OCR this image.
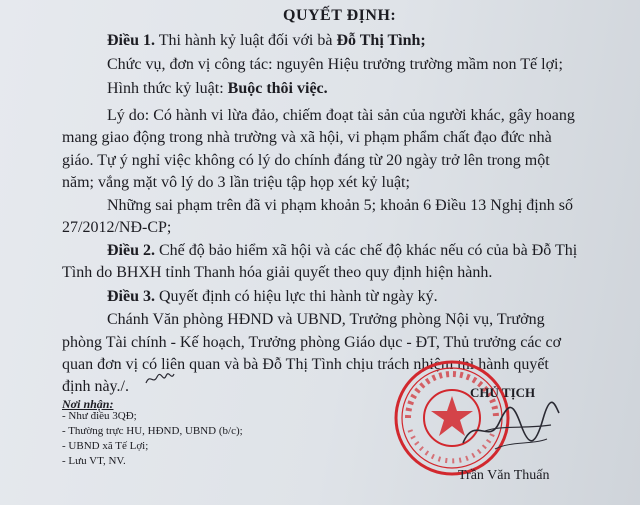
QUYẾT ĐỊNH:
Điều 1. Thi hành kỷ luật đối với bà Đỗ Thị Tình;
Chức vụ, đơn vị công tác: nguyên Hiệu trưởng trường mầm non Tế lợi;
Hình thức kỷ luật: Buộc thôi việc.
Lý do: Có hành vi lừa đảo, chiếm đoạt tài sản của người khác, gây hoang
mang giao động trong nhà trường và xã hội, vi phạm phẩm chất đạo đức nhà
giáo. Tự ý nghỉ việc không có lý do chính đáng từ 20 ngày trở lên trong một
năm; vắng mặt vô lý do 3 lần triệu tập họp xét kỷ luật;
Những sai phạm trên đã vi phạm khoản 5; khoản 6 Điều 13 Nghị định số
27/2012/NĐ-CP;
Điều 2. Chế độ bảo hiểm xã hội và các chế độ khác nếu có của bà Đỗ Thị
Tình do BHXH tỉnh Thanh hóa giải quyết theo quy định hiện hành.
Điều 3. Quyết định có hiệu lực thi hành từ ngày ký.
Chánh Văn phòng HĐND và UBND, Trưởng phòng Nội vụ, Trưởng
phòng Tài chính - Kế hoạch, Trưởng phòng Giáo dục - ĐT, Thủ trưởng các cơ
quan đơn vị có liên quan và bà Đỗ Thị Tình chịu trách nhiệm thi hành quyết
định này./.
Nơi nhận:
- Như điều 3QĐ;
- Thường trực HU, HĐND, UBND (b/c);
- UBND xã Tế Lợi;
- Lưu VT, NV.
CHỦ TỊCH
Trần Văn Thuấn
